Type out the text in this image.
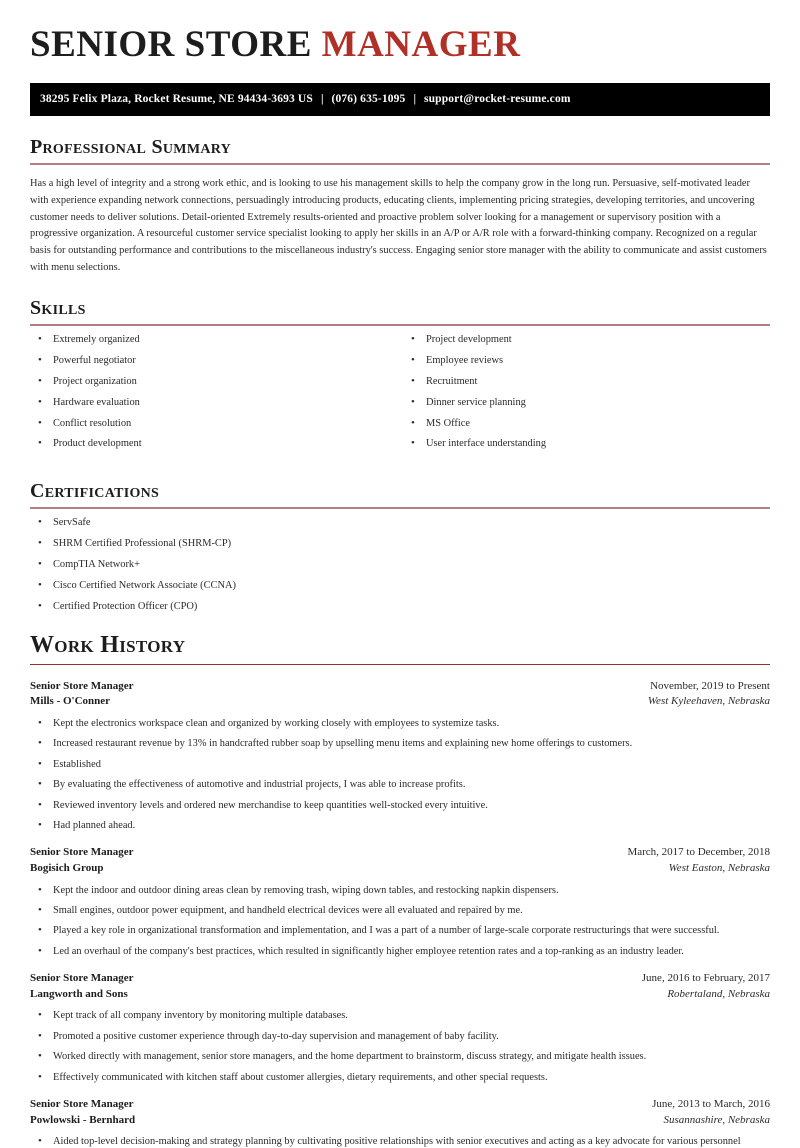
SENIOR STORE MANAGER
38295 Felix Plaza, Rocket Resume, NE 94434-3693 US | (076) 635-1095 | support@rocket-resume.com
Professional Summary

Has a high level of integrity and a strong work ethic, and is looking to use his management skills to help the company grow in the long run. Persuasive, self-motivated leader with experience expanding network connections, persuadingly introducing products, educating clients, implementing pricing strategies, developing territories, and uncovering customer needs to deliver solutions. Detail-oriented Extremely results-oriented and proactive problem solver looking for a management or supervisory position with a progressive organization. A resourceful customer service specialist looking to apply her skills in an A/P or A/R role with a forward-thinking company. Recognized on a regular basis for outstanding performance and contributions to the miscellaneous industry's success. Engaging senior store manager with the ability to communicate and assist customers with menu selections.

Skills
• Extremely organized
• Powerful negotiator
• Project organization
• Hardware evaluation
• Conflict resolution
• Product development
• Project development
• Employee reviews
• Recruitment
• Dinner service planning
• MS Office
• User interface understanding
Certifications
• ServSafe
• SHRM Certified Professional (SHRM-CP)
• CompTIA Network+
• Cisco Certified Network Associate (CCNA)
• Certified Protection Officer (CPO)
Work History
Senior Store Manager	November, 2019 to Present
Mills - O'Conner	West Kyleehaven, Nebraska
• Kept the electronics workspace clean and organized by working closely with employees to systemize tasks.
• Increased restaurant revenue by 13% in handcrafted rubber soap by upselling menu items and explaining new home offerings to customers.
• Established
• By evaluating the effectiveness of automotive and industrial projects, I was able to increase profits.
• Reviewed inventory levels and ordered new merchandise to keep quantities well-stocked every intuitive.
• Had planned ahead.
Senior Store Manager	March, 2017 to December, 2018
Bogisich Group	West Easton, Nebraska
• Kept the indoor and outdoor dining areas clean by removing trash, wiping down tables, and restocking napkin dispensers.
• Small engines, outdoor power equipment, and handheld electrical devices were all evaluated and repaired by me.
• Played a key role in organizational transformation and implementation, and I was a part of a number of large-scale corporate restructurings that were successful.
• Led an overhaul of the company's best practices, which resulted in significantly higher employee retention rates and a top-ranking as an industry leader.
Senior Store Manager	June, 2016 to February, 2017
Langworth and Sons	Robertaland, Nebraska
• Kept track of all company inventory by monitoring multiple databases.
• Promoted a positive customer experience through day-to-day supervision and management of baby facility.
• Worked directly with management, senior store managers, and the home department to brainstorm, discuss strategy, and mitigate health issues.
• Effectively communicated with kitchen staff about customer allergies, dietary requirements, and other special requests.
Senior Store Manager	June, 2013 to March, 2016
Powlowski - Bernhard	Susannashire, Nebraska
• Aided top-level decision-making and strategy planning by cultivating positive relationships with senior executives and acting as a key advocate for various personnel
